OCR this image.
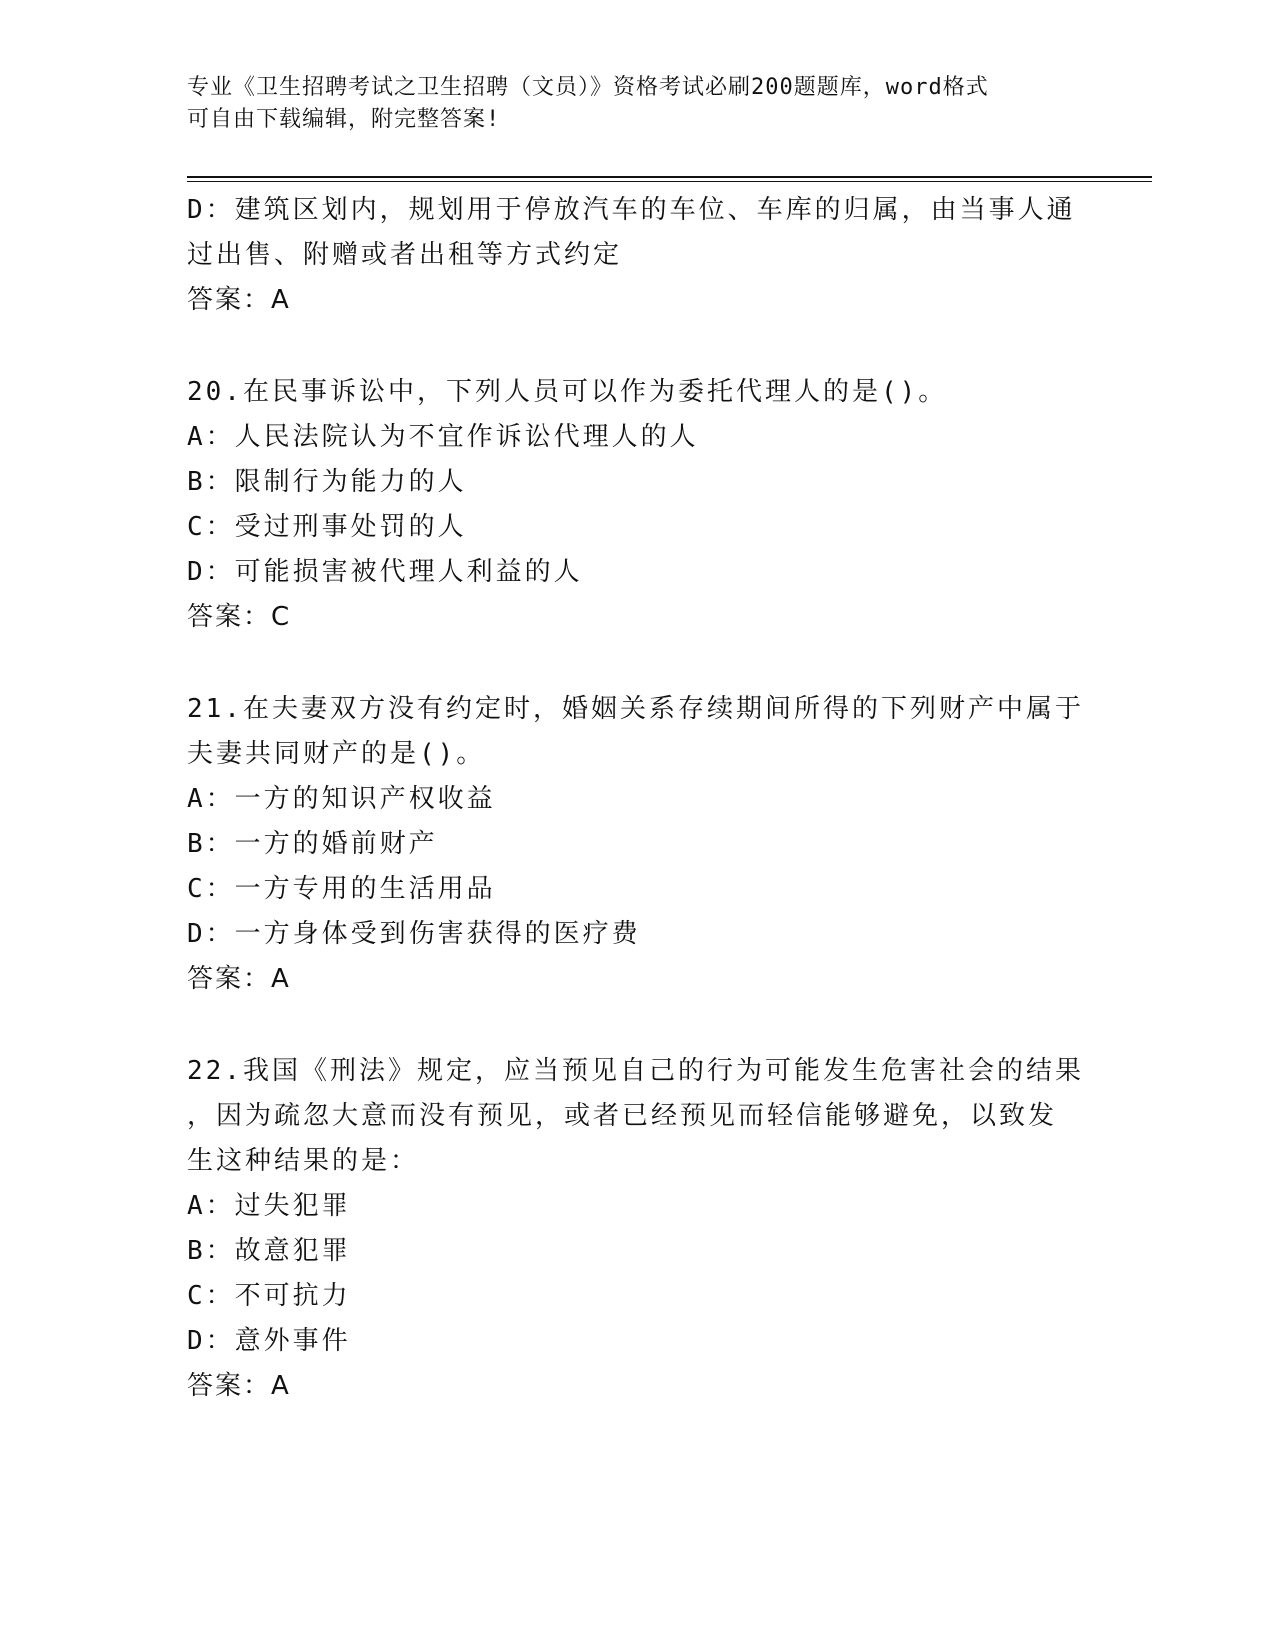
专业《卫生招聘考试之卫生招聘（文员）》资格考试必刷200题题库，word格式
可自由下载编辑，附完整答案!
D：建筑区划内，规划用于停放汽车的车位、车库的归属，由当事人通
过出售、附赠或者出租等方式约定
答案：A
20.在民事诉讼中，下列人员可以作为委托代理人的是()。
A：人民法院认为不宜作诉讼代理人的人
B：限制行为能力的人
C：受过刑事处罚的人
D：可能损害被代理人利益的人
答案：C
21.在夫妻双方没有约定时，婚姻关系存续期间所得的下列财产中属于
夫妻共同财产的是()。
A：一方的知识产权收益
B：一方的婚前财产
C：一方专用的生活用品
D：一方身体受到伤害获得的医疗费
答案：A
22.我国《刑法》规定，应当预见自己的行为可能发生危害社会的结果
，因为疏忽大意而没有预见，或者已经预见而轻信能够避免，以致发
生这种结果的是：
A：过失犯罪
B：故意犯罪
C：不可抗力
D：意外事件
答案：A
